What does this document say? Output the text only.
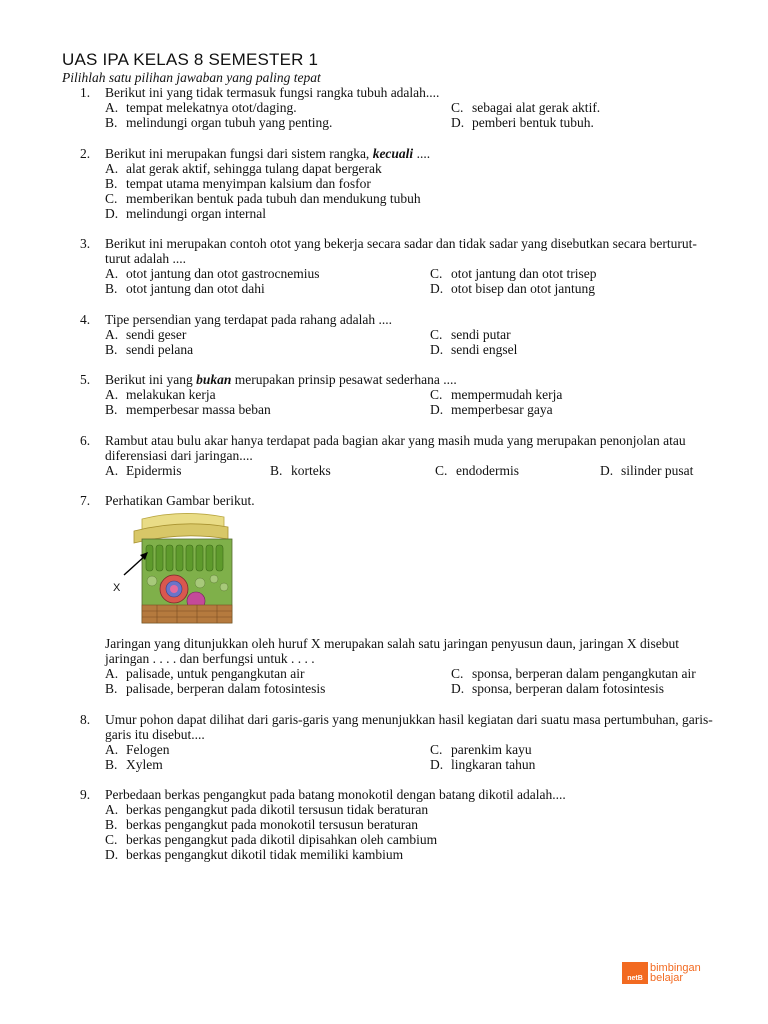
UAS IPA KELAS 8 SEMESTER 1
Pilihlah satu pilihan jawaban yang paling tepat
1.	Berikut ini yang tidak termasuk fungsi rangka tubuh adalah....
A. tempat melekatnya otot/daging.	C. sebagai alat gerak aktif.
B. melindungi organ tubuh yang penting.	D. pemberi bentuk tubuh.
2.	Berikut ini merupakan fungsi dari sistem rangka, kecuali ....
A. alat gerak aktif, sehingga tulang dapat bergerak
B. tempat utama menyimpan kalsium dan fosfor
C. memberikan bentuk pada tubuh dan mendukung tubuh
D. melindungi organ internal
3.	Berikut ini merupakan contoh otot yang bekerja secara sadar dan tidak sadar yang disebutkan secara berturut-turut adalah ....
A. otot jantung dan otot gastrocnemius	C. otot jantung dan otot trisep
B. otot jantung dan otot dahi	D. otot bisep dan otot jantung
4.	Tipe persendian yang terdapat pada rahang adalah ....
A. sendi geser	C. sendi putar
B. sendi pelana	D. sendi engsel
5.	Berikut ini yang bukan merupakan prinsip pesawat sederhana ....
A. melakukan kerja	C. mempermudah kerja
B. memperbesar massa beban	D. memperbesar gaya
6.	Rambut atau bulu akar hanya terdapat pada bagian akar yang masih muda yang merupakan penonjolan atau diferensiasi dari jaringan....
A. Epidermis	B. korteks	C. endodermis	D. silinder pusat
7.	Perhatikan Gambar berikut.
X
Jaringan yang ditunjukkan oleh huruf X merupakan salah satu jaringan penyusun daun, jaringan X disebut jaringan . . . . dan berfungsi untuk . . . .
A. palisade, untuk pengangkutan air	C. sponsa, berperan dalam pengangkutan air
B. palisade, berperan dalam fotosintesis	D. sponsa, berperan dalam fotosintesis
8.	Umur pohon dapat dilihat dari garis-garis yang menunjukkan hasil kegiatan dari suatu masa pertumbuhan, garis-garis itu disebut....
A. Felogen	C. parenkim kayu
B. Xylem	D. lingkaran tahun
9.	Perbedaan berkas pengangkut pada batang monokotil dengan batang dikotil adalah....
A. berkas pengangkut pada dikotil tersusun tidak beraturan
B. berkas pengangkut pada monokotil tersusun beraturan
C. berkas pengangkut pada dikotil dipisahkan oleh cambium
D. berkas pengangkut dikotil tidak memiliki kambium
netB
bimbingan
belajar
